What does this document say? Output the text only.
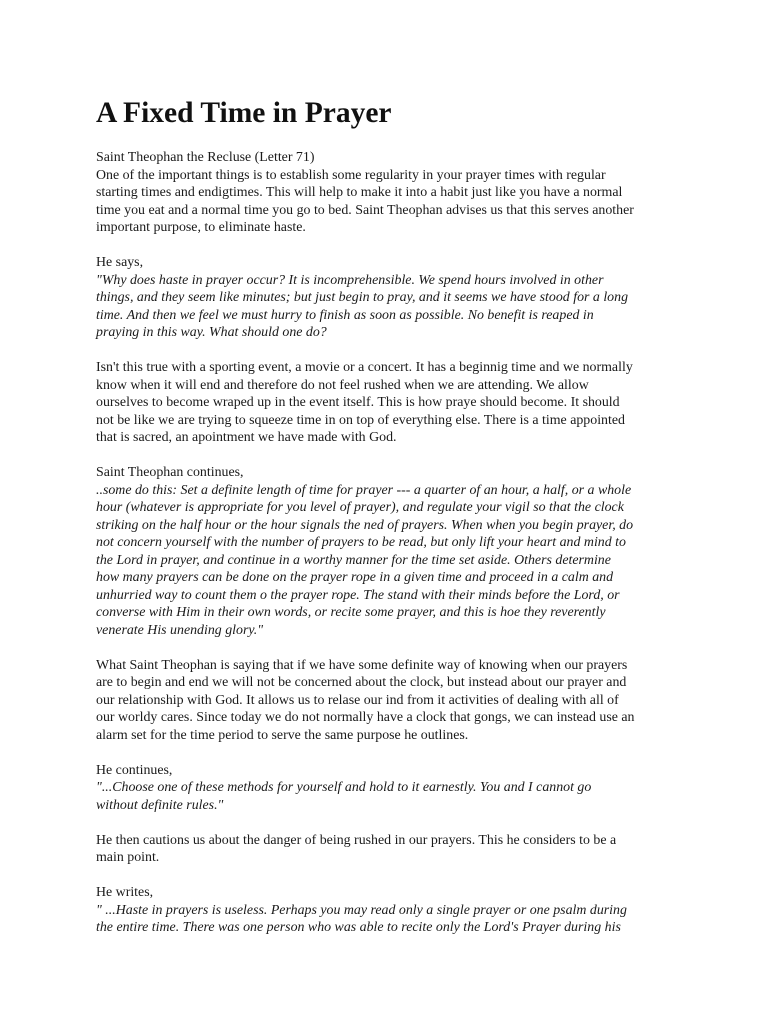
A Fixed Time in Prayer
Saint Theophan the Recluse (Letter 71)
One of the important things is to establish some regularity in your prayer times with regular
starting times and endigtimes. This will help to make it into a habit just like you have a normal
time you eat and a normal time you go to bed. Saint Theophan advises us that this serves another
important purpose, to eliminate haste.
He says,
"Why does haste in prayer occur? It is incomprehensible. We spend hours involved in other
things, and they seem like minutes; but just begin to pray, and it seems we have stood for a long
time. And then we feel we must hurry to finish as soon as possible. No benefit is reaped in
praying in this way. What should one do?
Isn't this true with a sporting event, a movie or a concert. It has a beginnig time and we normally
know when it will end and therefore do not feel rushed when we are attending. We allow
ourselves to become wraped up in the event itself. This is how praye should become. It should
not be like we are trying to squeeze time in on top of everything else. There is a time appointed
that is sacred, an apointment we have made with God.
Saint Theophan continues,
..some do this: Set a definite length of time for prayer --- a quarter of an hour, a half, or a whole
hour (whatever is appropriate for you level of prayer), and regulate your vigil so that the clock
striking on the half hour or the hour signals the ned of prayers. When when you begin prayer, do
not concern yourself with the number of prayers to be read, but only lift your heart and mind to
the Lord in prayer, and continue in a worthy manner for the time set aside. Others determine
how many prayers can be done on the prayer rope in a given time and proceed in a calm and
unhurried way to count them o the prayer rope. The stand with their minds before the Lord, or
converse with Him in their own words, or recite some prayer, and this is hoe they reverently
venerate His unending glory."
What Saint Theophan is saying that if we have some definite way of knowing when our prayers
are to begin and end we will not be concerned about the clock, but instead about our prayer and
our relationship with God. It allows us to relase our ind from it activities of dealing with all of
our worldy cares. Since today we do not normally have a clock that gongs, we can instead use an
alarm set for the time period to serve the same purpose he outlines.
He continues,
"...Choose one of these methods for yourself and hold to it earnestly. You and I cannot go
without definite rules."
He then cautions us about the danger of being rushed in our prayers. This he considers to be a
main point.
He writes,
" ...Haste in prayers is useless. Perhaps you may read only a single prayer or one psalm during
the entire time. There was one person who was able to recite only the Lord's Prayer during his
